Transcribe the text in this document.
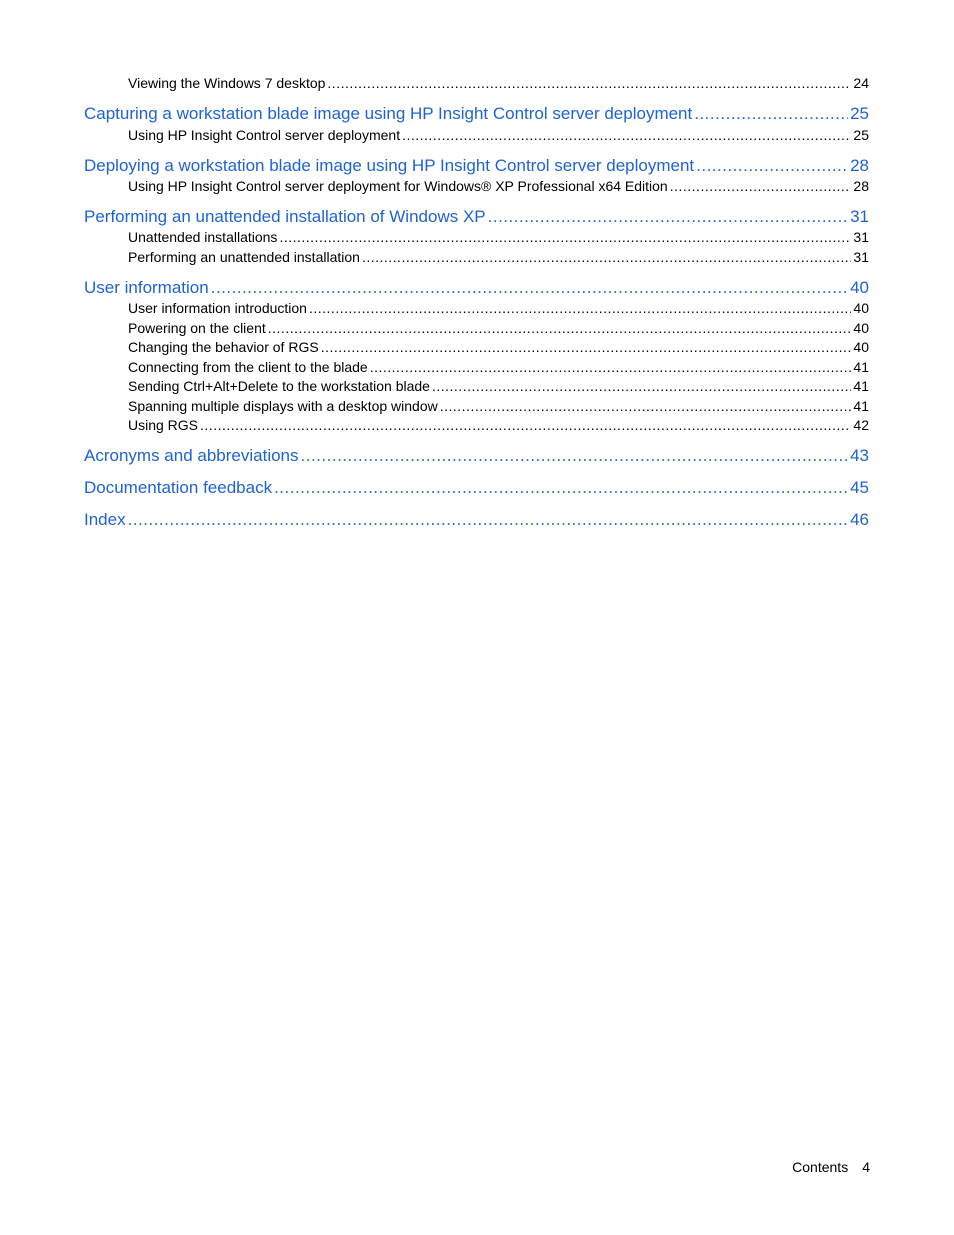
Viewing the Windows 7 desktop .....	24
Capturing a workstation blade image using HP Insight Control server deployment .....	25
Using HP Insight Control server deployment .....	25
Deploying a workstation blade image using HP Insight Control server deployment .....	28
Using HP Insight Control server deployment for Windows® XP Professional x64 Edition .....	28
Performing an unattended installation of Windows XP .....	31
Unattended installations .....	31
Performing an unattended installation .....	31
User information .....	40
User information introduction .....	40
Powering on the client .....	40
Changing the behavior of RGS .....	40
Connecting from the client to the blade .....	41
Sending Ctrl+Alt+Delete to the workstation blade .....	41
Spanning multiple displays with a desktop window .....	41
Using RGS .....	42
Acronyms and abbreviations .....	43
Documentation feedback .....	45
Index .....	46
Contents 4
